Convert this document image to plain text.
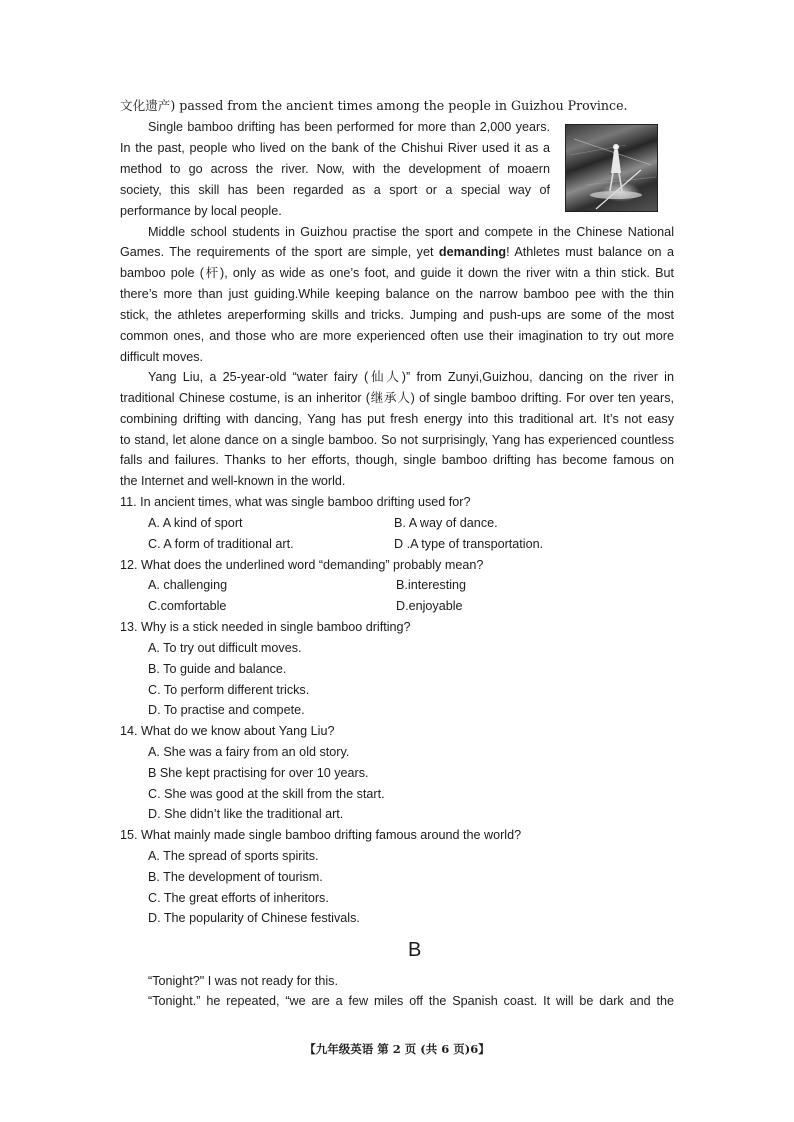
文化遗产) passed from the ancient times among the people in Guizhou Province.

Single bamboo drifting has been performed for more than 2,000 years.

In the past, people who lived on the bank of the Chishui River used it as a

method to go across the river. Now, with the development of moaern

society, this skill has been regarded as a sport or a special way of

performance by local people.

Middle school students in Guizhou practise the sport and compete in the Chinese National

Games. The requirements of the sport are simple, yet demanding! Athletes must balance on a

bamboo pole (杆), only as wide as one’s foot, and guide it down the river witn a thin stick. But

there’s more than just guiding.While keeping balance on the narrow bamboo pee with the thin

stick, the athletes areperforming skills and tricks. Jumping and push-ups are some of the most

common ones, and those who are more experienced often use their imagination to try out more

difficult moves.

Yang Liu, a 25-year-old “water fairy (仙人)” from Zunyi,Guizhou, dancing on the river in

traditional Chinese costume, is an inheritor (继承人) of single bamboo drifting. For over ten years,

combining drifting with dancing, Yang has put fresh energy into this traditional art. It’s not easy

to stand, let alone dance on a single bamboo. So not surprisingly, Yang has experienced countless

falls and failures. Thanks to her efforts, though, single bamboo drifting has become famous on

the Internet and well-known in the world.

11. In ancient times, what was single bamboo drifting used for?

A. A kind of sport	B. A way of dance.

C. A form of traditional art.	D .A type of transportation.

12. What does the underlined word “demanding” probably mean?

A. challenging	B.interesting

C.comfortable	D.enjoyable

13. Why is a stick needed in single bamboo drifting?

A. To try out difficult moves.

B. To guide and balance.

C. To perform different tricks.

D. To practise and compete.

14. What do we know about Yang Liu?

A. She was a fairy from an old story.

B She kept practising for over 10 years.

C. She was good at the skill from the start.

D. She didn’t like the traditional art.

15. What mainly made single bamboo drifting famous around the world?

A. The spread of sports spirits.

B. The development of tourism.

C. The great efforts of inheritors.

D. The popularity of Chinese festivals.

B

“Tonight?" I was not ready for this.

“Tonight.” he repeated, “we are a few miles off the Spanish coast. It will be dark and the

【九年级英语 第 2 页 (共 6 页)6】
